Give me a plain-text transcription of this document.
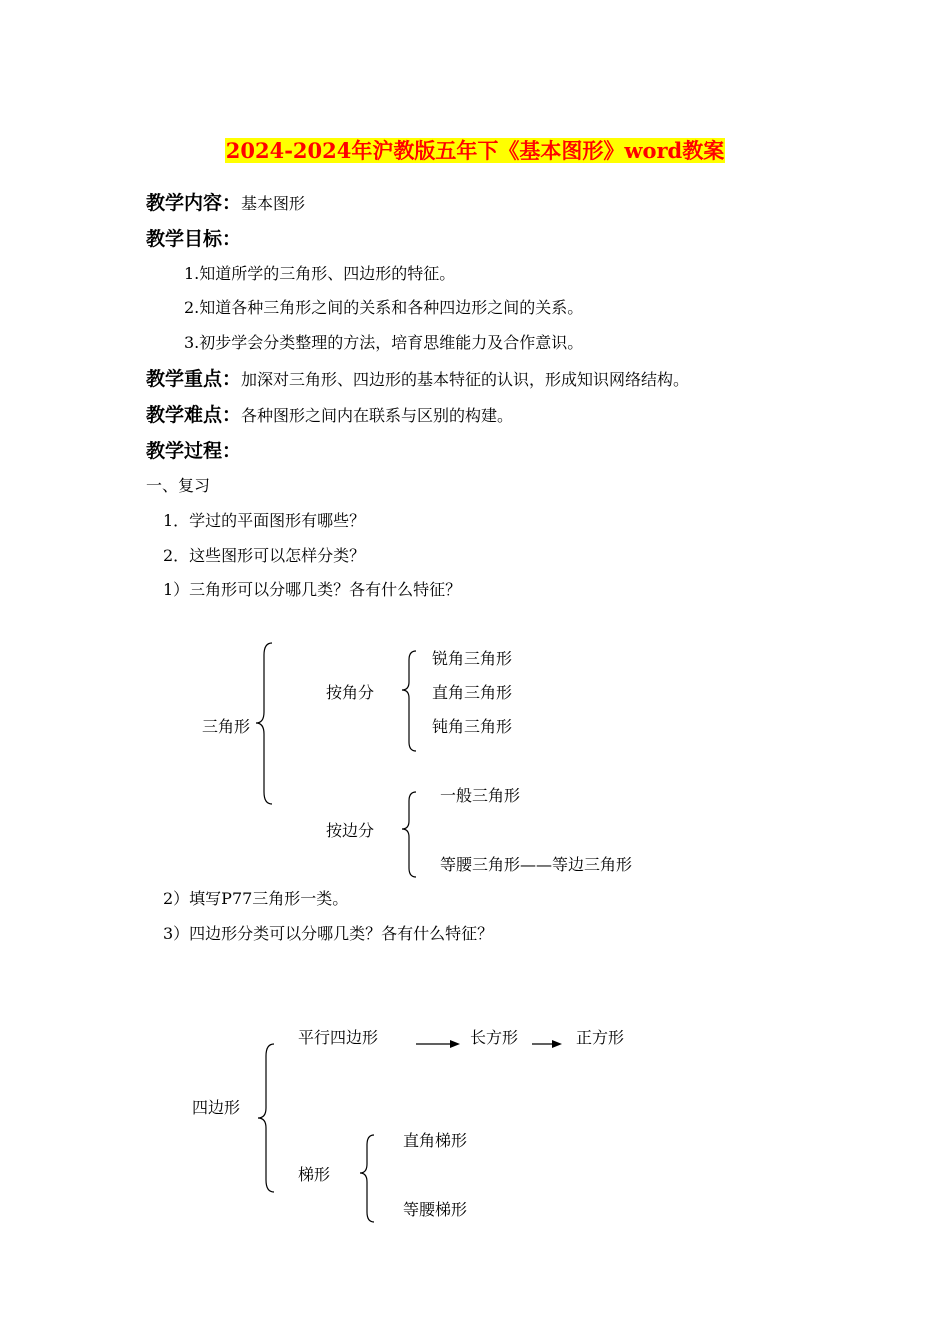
2024-2024年沪教版五年下《基本图形》word教案
教学内容：基本图形
教学目标：
1.知道所学的三角形、四边形的特征。
2.知道各种三角形之间的关系和各种四边形之间的关系。
3.初步学会分类整理的方法，培育思维能力及合作意识。
教学重点：加深对三角形、四边形的基本特征的认识，形成知识网络结构。
教学难点：各种图形之间内在联系与区别的构建。
教学过程：
一、复习
1．学过的平面图形有哪些？
2．这些图形可以怎样分类？
1）三角形可以分哪几类？各有什么特征？
三角形
按角分
锐角三角形
直角三角形
钝角三角形
按边分
一般三角形
等腰三角形——等边三角形
2）填写P77三角形一类。
3）四边形分类可以分哪几类？各有什么特征？
四边形
平行四边形	长方形	正方形
梯形
直角梯形
等腰梯形
